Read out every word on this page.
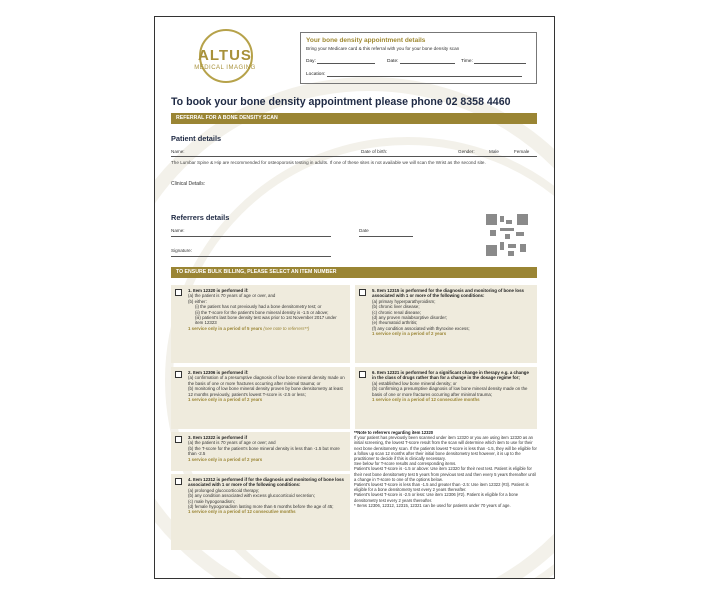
ALTUS
MEDICAL IMAGING
Your bone density appointment details
Bring your Medicare card & this referral with you for your bone density scan
Day:	Date:	Time:
Location:
To book your bone density appointment please phone 02 8358 4460
REFERRAL FOR A BONE DENSITY SCAN
Patient details
Name:	Date of birth:	Gender:	Male	Female
The Lumbar Spine & Hip are recommended for osteoporosis testing in adults. If one of these sites is not available we will scan the Wrist as the second site.
Clinical Details:
Referrers details
Name:	Date
Signature:
TO ENSURE BULK BILLING, PLEASE SELECT AN ITEM NUMBER
1. Item 12320 is performed if:
(a) the patient is 70 years of age or over, and
(b) either:
(i) the patient has not previously had a bone densitometry test; or
(ii) the T-score for the patient's bone mineral density is -1.5 or above;
(iii) patient's last bone density test was prior to 1st November 2017 under item 12323
1 service only in a period of 5 years (see note to referrers**)
2. Item 12306 is performed if:
(a) confirmation of a presumptive diagnosis of low bone mineral density made on the basis of one or more fractures occurring after minimal trauma; or
(b) monitoring of low bone mineral density proven by bone densitometry at least 12 months previously, patient's lowest T-score is -2.5 or less;
1 service only in a period of 2 years
3. Item 12322 is performed if
(a) the patient is 70 years of age or over; and
(b) the T-score for the patient's bone mineral density is less than -1.5 but more than -2.5
1 service only in a period of 2 years
4. Item 12312 is performed if for the diagnosis and monitoring of bone loss associated with 1 or more of the following conditions:
(a) prolonged glucocorticoid therapy;
(b) any condition associated with excess glucocorticoid secretion;
(c) male hypogonadism;
(d) female hypogonadism lasting more than 6 months before the age of 45;
1 service only in a period of 12 consecutive months
5. Item 12315 is performed for the diagnosis and monitoring of bone loss associated with 1 or more of the following conditions:
(a) primary hyperparathyroidism;
(b) chronic liver disease;
(c) chronic renal disease;
(d) any proven malabsorptive disorder;
(e) rheumatoid arthritis;
(f) any condition associated with thyroxine excess;
1 service only in a period of 2 years
6. Item 12321 is performed for a significant change in therapy e.g. a change in the class of drugs rather than for a change in the dosage regime for;
(a) established low bone mineral density; or
(b) confirming a presumptive diagnosis of low bone mineral density made on the basis of one or more fractures occurring after minimal trauma;
1 service only in a period of 12 consecutive months
**Note to referrers regarding item 12320
If your patient has previously been scanned under item 12320 or you are using item 12320 as an initial screening, the lowest T-score result from the scan will determine which item to use for their next bone densitometry scan. If the patients lowest T-score is less than -1.5, they will be eligible for a follow up scan 12 months after their initial bone densitometry test however, it is up to the practitioner to decide if this is clinically necessary.
See below for T-score results and corresponding items.
Patient's lowest T-score is -1.5 or above: Use item 12320 for their next test. Patient is eligible for their next bone densitometry test 5 years from previous test and then every 5 years thereafter until a change in T-score to one of the options below.
Patient's lowest T-score is less than -1.5 and greater than -2.5: Use item 12322 (#3). Patient is eligible for a bone densitometry test every 2 years thereafter.
Patient's lowest T-score is -2.5 or less: Use item 12306 (#2). Patient is eligible for a bone densitometry test every 2 years thereafter.
* Items 12306, 12312, 12315, 12321 can be used for patients under 70 years of age.
